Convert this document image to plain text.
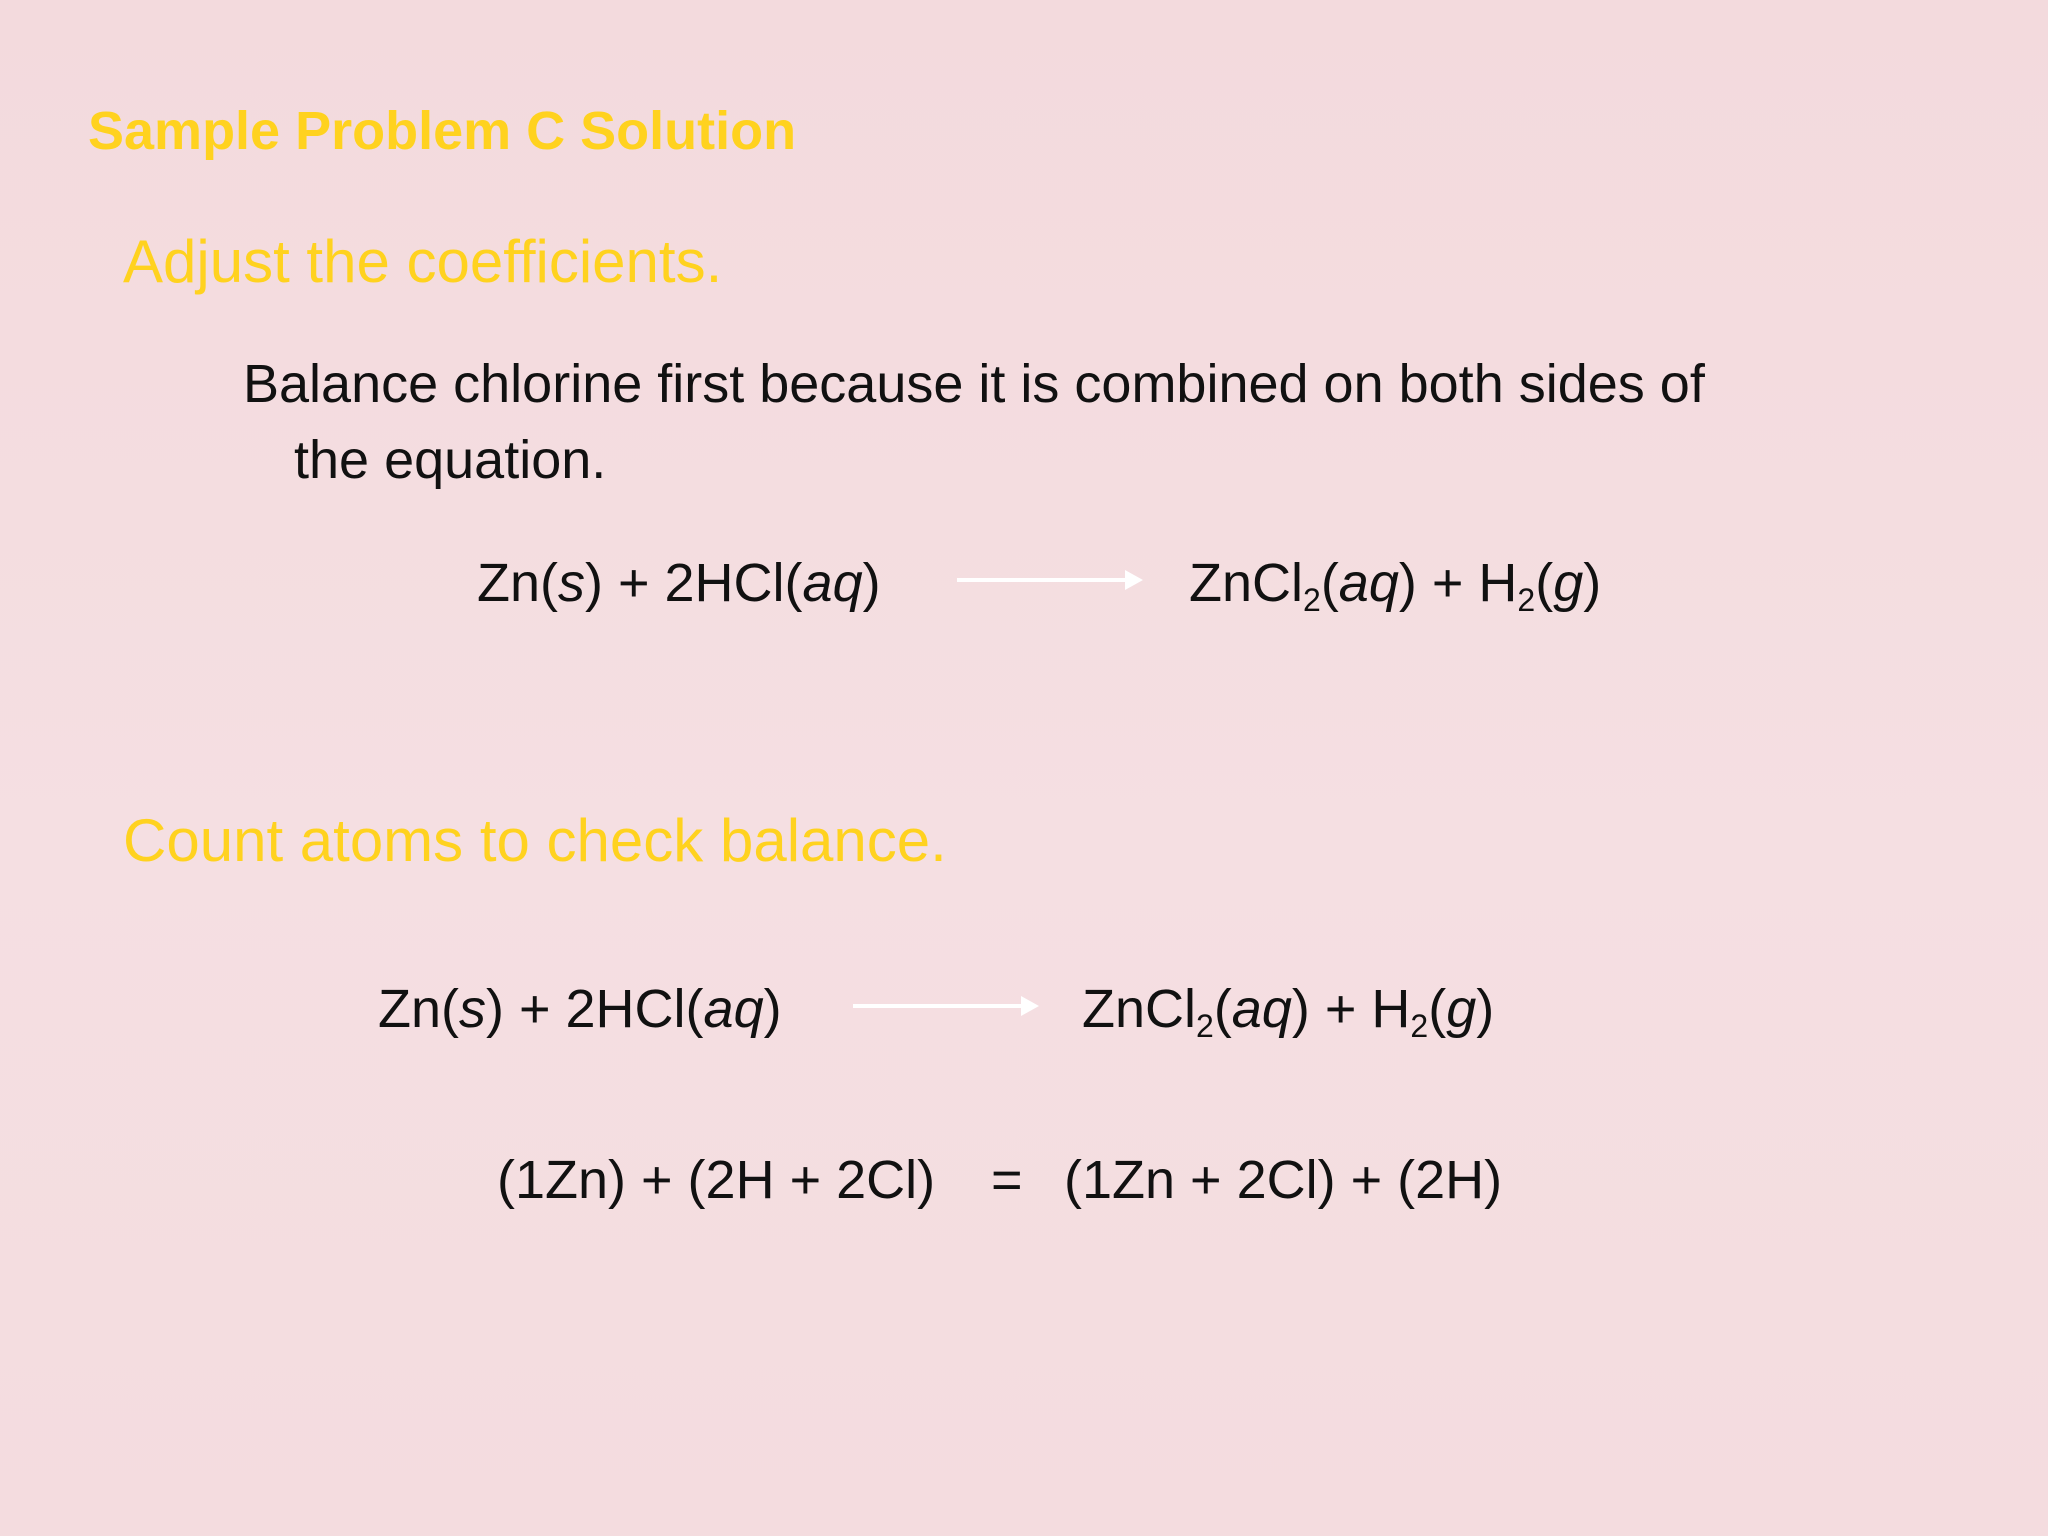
Sample Problem C Solution
Adjust the coefficients.
Balance chlorine first because it is combined on both sides of
the equation.
Zn(s) + 2HCl(aq)	ZnCl$_2$(aq) + $H_2(g)$
Count atoms to check balance.
Zn(s) + 2HCl(aq)	ZnCl$_2$(aq) + $H_2(g)$
(1Zn) + (2H + 2Cl) = (1Zn + 2Cl) + (2H)
